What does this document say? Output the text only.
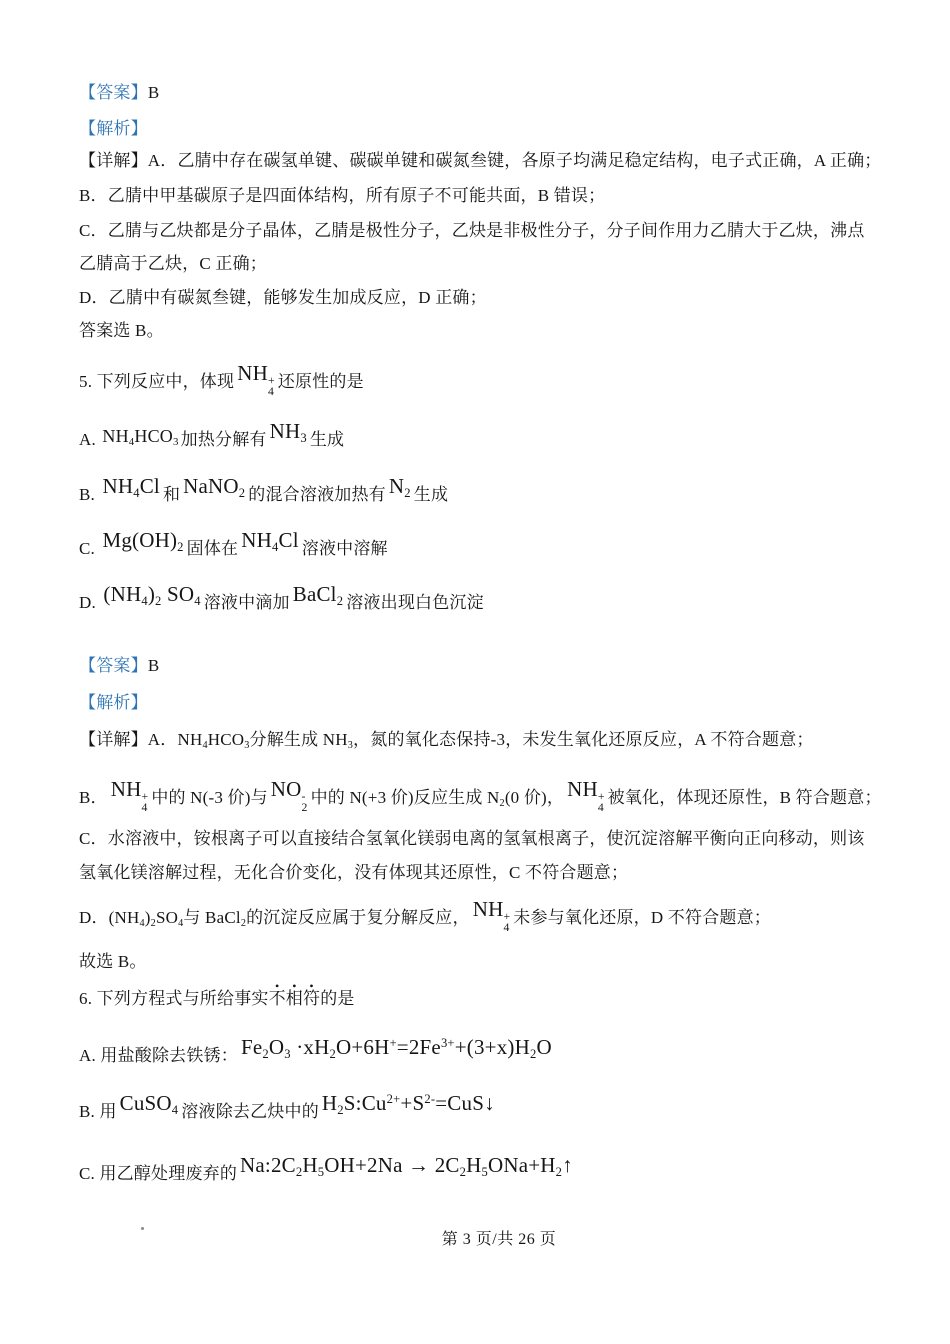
【答案】B
【解析】
【详解】A．乙腈中存在碳氢单键、碳碳单键和碳氮叁键，各原子均满足稳定结构，电子式正确，A 正确；
B．乙腈中甲基碳原子是四面体结构，所有原子不可能共面，B 错误；
C．乙腈与乙炔都是分子晶体，乙腈是极性分子，乙炔是非极性分子，分子间作用力乙腈大于乙炔，沸点
乙腈高于乙炔，C 正确；
D．乙腈中有碳氮叁键，能够发生加成反应，D 正确；
答案选 B。
5. 下列反应中，体现 NH +
4
还原性的是
A. $NH_4HCO_3$ 加热分解有 $NH_3$ 生成
B. $NH_4Cl$ 和 NaNO$_2$ 的混合溶液加热有 $N_2$ 生成
C. $Mg(OH)_2$ 固体在 $NH_4Cl$ 溶液中溶解
D. $(NH_4)_2$ $SO_4$ 溶液中滴加 BaCl$_2$ 溶液出现白色沉淀
【答案】B
【解析】
【详解】A．$NH_4HCO_3$分解生成 $NH_3$，氮的氧化态保持-3，未发生氧化还原反应，A 不符合题意；
B． NH +
4
中的 N(-3 价)与 NO -
2
中的 N(+3 价)反应生成 $N_2(0$ 价)， NH +
4
被氧化，体现还原性，B 符合题意；
C．水溶液中，铵根离子可以直接结合氢氧化镁弱电离的氢氧根离子，使沉淀溶解平衡向正向移动，则该
氢氧化镁溶解过程，无化合价变化，没有体现其还原性，C 不符合题意；
D．$(NH_4)_2SO_4$与 BaCl$_2$的沉淀反应属于复分解反应， NH +
4
未参与氧化还原，D 不符合题意；
故选 B。
6. 下列方程式与所给事实
• • •
不相符的是
A. 用盐酸除去铁锈： $Fe_2O_3 \cdot xH_2O+6H^+=2Fe^{3+}+(3+x)H_2O$
B. 用 CuSO$_4$ 溶液除去乙炔中的 $H_2S:Cu^{2+}+S^{2-}=CuS↓$
C. 用乙醇处理废弃的 $Na:2C_2H_5OH+2Na$ → $2C_2H_5ONa+H_2↑$
第 3 页/共 26 页
